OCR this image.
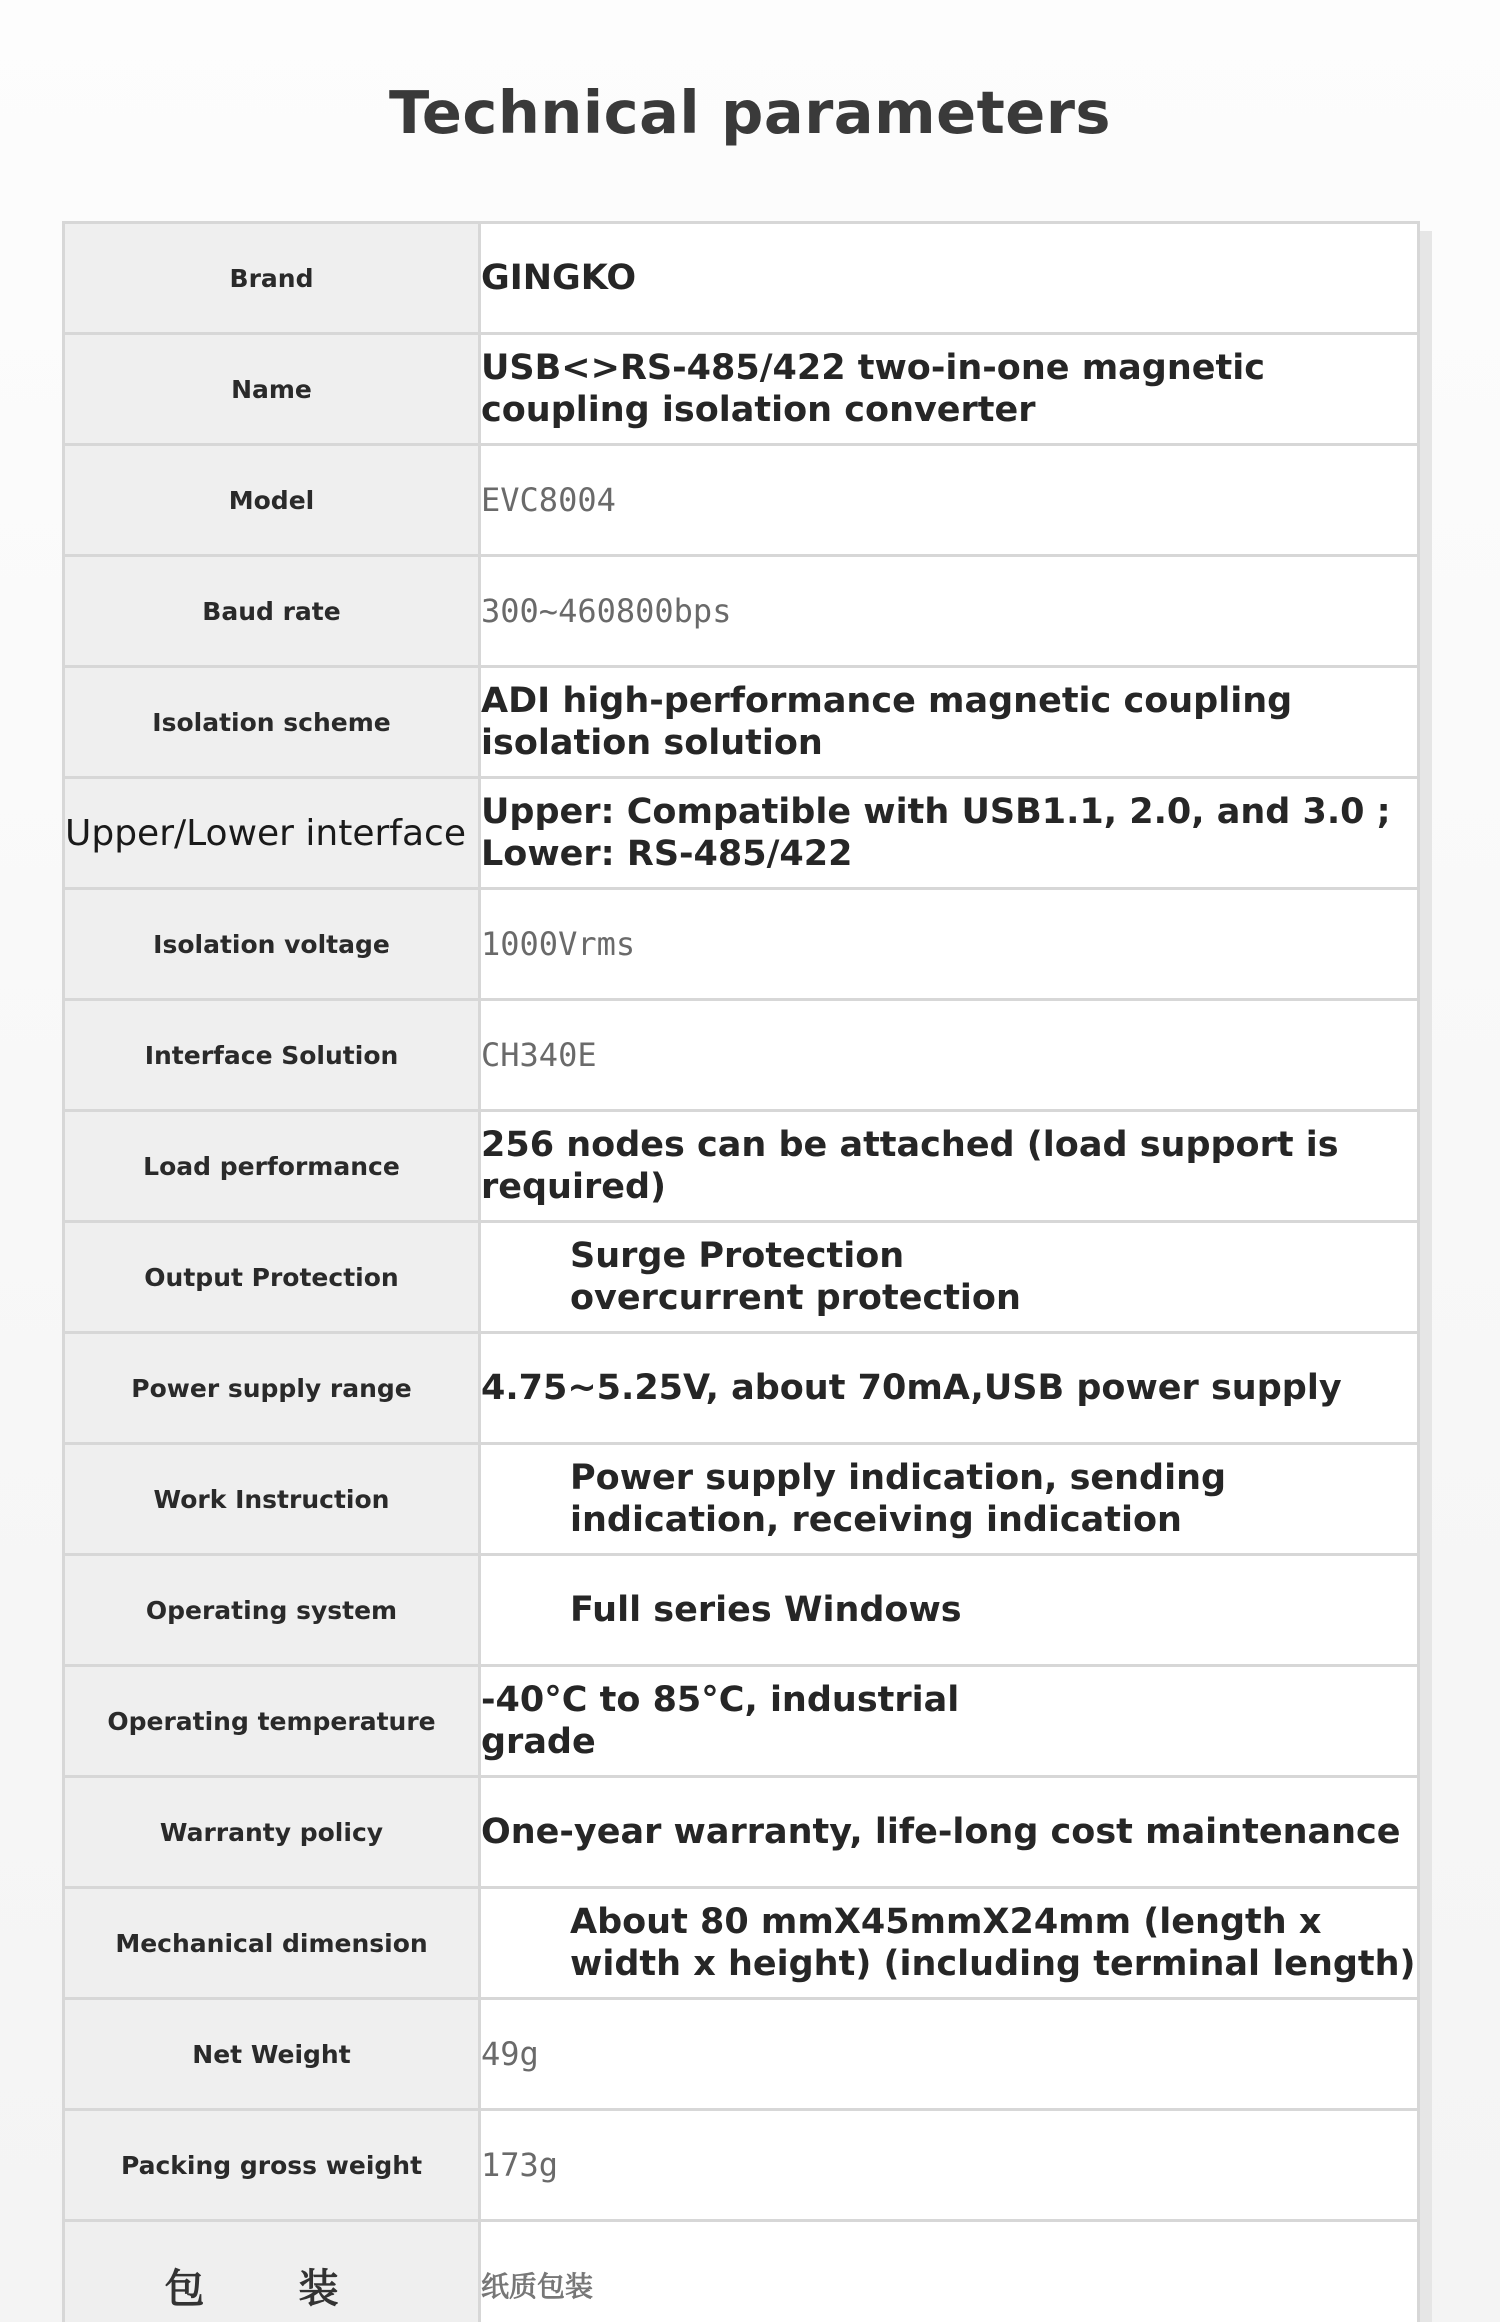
Technical parameters
Brand	GINGKO
Name	USB<>RS-485/422 two-in-one magnetic coupling isolation converter
Model	EVC8004
Baud rate	300~460800bps
Isolation scheme	ADI high-performance magnetic coupling isolation solution
Upper/Lower interface	Upper: Compatible with USB1.1, 2.0, and 3.0 ; Lower: RS-485/422
Isolation voltage	1000Vrms
Interface Solution	CH340E
Load performance	256 nodes can be attached (load support is required)
Output Protection	Surge Protection
overcurrent protection

Power supply range	4.75~5.25V, about 70mA,USB power supply
Work Instruction	Power supply indication, sending indication, receiving indication
Operating system	Full series Windows
Operating temperature	-40°C to 85°C, industrial
grade

Warranty policy	One-year warranty, life-long cost maintenance
Mechanical dimension	About 80 mmX45mmX24mm (length x width x height) (including terminal length)
Net Weight	49g
Packing gross weight	173g

包 装	纸质包装
